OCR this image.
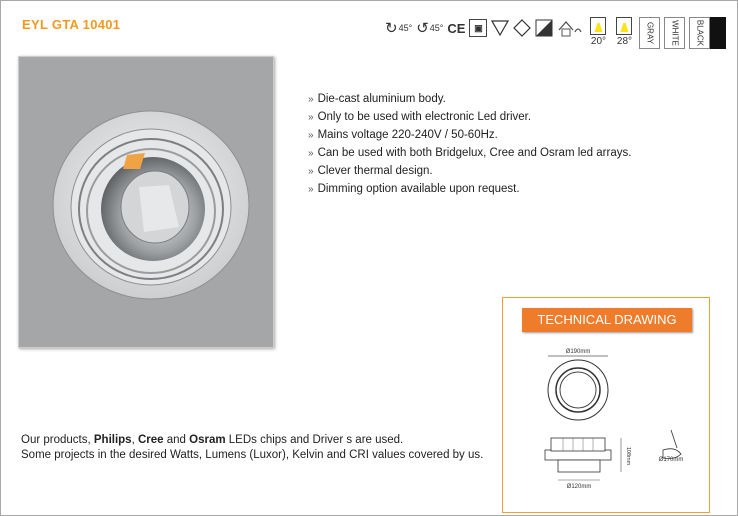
EYL GTA 10401	↻ 45° ↺ 45° CE ▣
20° 28° GRAY WHITE BLACK
» Die-cast aluminium body.
» Only to be used with electronic Led driver.
» Mains voltage 220-240V / 50-60Hz.
» Can be used with both Bridgelux, Cree and Osram led arrays.
» Clever thermal design.
» Dimming option available upon request.
TECHNICAL DRAWING
Ø190mm
108mm
Ø120mm
Ø170mm
Our products, Philips, Cree and Osram LEDs chips and Driver s are used.
Some projects in the desired Watts, Lumens (Luxor), Kelvin and CRI values covered by us.
